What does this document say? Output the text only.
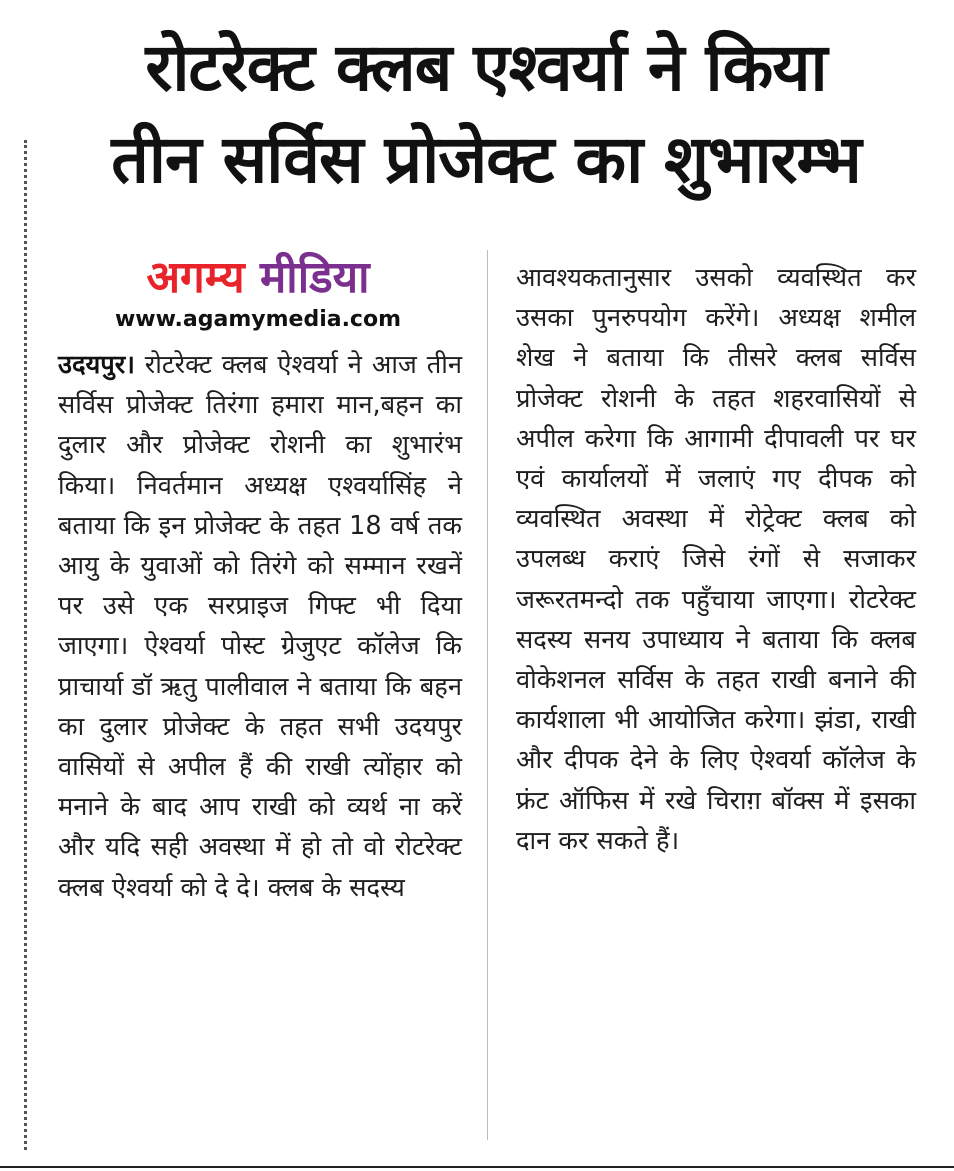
रोटरेक्ट क्लब एश्वर्या ने किया
तीन सर्विस प्रोजेक्ट का शुभारम्भ
अगम्य मीडिया
www.agamymedia.com

उदयपुर। रोटरेक्ट क्लब ऐश्वर्या ने आज तीन सर्विस प्रोजेक्ट तिरंगा हमारा मान,बहन का दुलार और प्रोजेक्ट रोशनी का शुभारंभ किया। निवर्तमान अध्यक्ष एश्वर्यासिंह ने बताया कि इन प्रोजेक्ट के तहत 18 वर्ष तक आयु के युवाओं को तिरंगे को सम्मान रखनें पर उसे एक सरप्राइज गिफ्ट भी दिया जाएगा। ऐश्वर्या पोस्ट ग्रेजुएट कॉलेज कि प्राचार्या डॉ ऋतु पालीवाल ने बताया कि बहन का दुलार प्रोजेक्ट के तहत सभी उदयपुर वासियों से अपील हैं की राखी त्योंहार को मनाने के बाद आप राखी को व्यर्थ ना करें और यदि सही अवस्था में हो तो वो रोटरेक्ट क्लब ऐश्वर्या को दे दे। क्लब के सदस्य

आवश्यकतानुसार उसको व्यवस्थित कर उसका पुनरुपयोग करेंगे। अध्यक्ष शमील शेख ने बताया कि तीसरे क्लब सर्विस प्रोजेक्ट रोशनी के तहत शहरवासियों से अपील करेगा कि आगामी दीपावली पर घर एवं कार्यालयों में जलाएं गए दीपक को व्यवस्थित अवस्था में रोट्रेक्ट क्लब को उपलब्ध कराएं जिसे रंगों से सजाकर जरूरतमन्दो तक पहुँचाया जाएगा। रोटरेक्ट सदस्य सनय उपाध्याय ने बताया कि क्लब वोकेशनल सर्विस के तहत राखी बनाने की कार्यशाला भी आयोजित करेगा। झंडा, राखी और दीपक देने के लिए ऐश्वर्या कॉलेज के फ्रंट ऑफिस में रखे चिराग़ बॉक्स में इसका दान कर सकते हैं।
